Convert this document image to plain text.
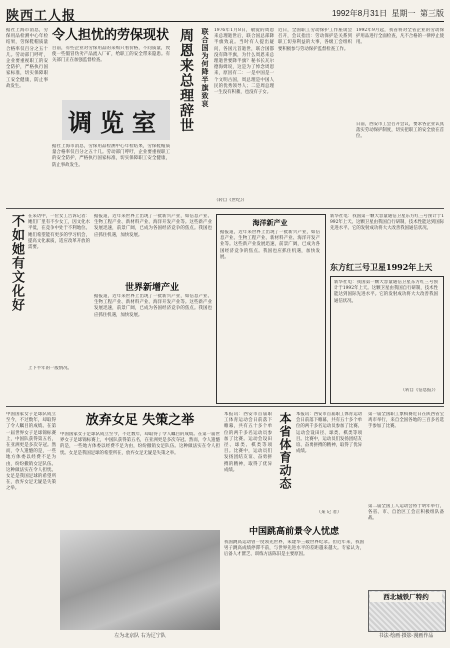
陕西工人报	1992年8月31日 星期一 第三版
据社上海市消息，劳保用品检测中心年检结果，劳保鞋帽质量合格率仅百分之五十几。劳动部门呼吁，企业要重视职工的安全防护，严格执行国家标准，切实保障职工安全健康，防止事故发生。
令人担忧的劳保现状
目前，有些企业对劳保用品的采购只看价格，不问质量，致使一些假冒伪劣产品流入厂矿，给职工的安全带来隐患。有关部门正在加强监督检查。
调览室
据社上海市消息，劳保用品检测中心年检结果，劳保鞋帽质量合格率仅百分之五十几。劳动部门呼吁，企业要重视职工的安全防护，严格执行国家标准，切实保障职工安全健康，防止事故发生。
周恩来总理辞世	联合国为何降半旗致哀 1976年1月8日，敬爱的周恩来总理逝世后，联合国总部降半旗致哀。当时有人提出疑问，各国元首逝世，联合国都没有降半旗，为什么周恩来总理逝世要降半旗？秘书长瓦尔德海姆说，这是为了悼念周恩来，原因有二：一是中国是一个文明古国，周总理是中国人民的优秀领导人；二是周总理一生没有积蓄，也没有子女。
（转自《世纪》）
近日，全国职工劳动保护工作座谈会召开，会议指出：劳动保护是关系到职工切身利益的大事，各级工会组织要积极参与劳动保护监督检查工作。
1992年9月起，我省将对全省企业的劳动保护用品进行全面检查，凡不合格的一律停止使用。
日前，西安市工会召开会议，要求各企业认真落实劳动保护制度，切实把职工的安全放在首位。
不如她有文化好 在采访中，一位女工告诉记者：她们厂里有不少女工，因文化水平低，在竞争中处于不利地位。她们希望能有更多的学习机会，提高文化素质，适应改革开放的需要。
上下半年的一般情况。
据报道，近年来世界上出现了一批新兴产业，如信息产业、生物工程产业、新材料产业、海洋开发产业等。这些新产业发展迅速，前景广阔，已成为各国经济竞争的焦点。我国也应抓住机遇，加快发展。
世界新增产业
据报道，近年来世界上出现了一批新兴产业，如信息产业、生物工程产业、新材料产业、海洋开发产业等。这些新产业发展迅速，前景广阔，已成为各国经济竞争的焦点。我国也应抓住机遇，加快发展。
海洋新产业
据报道，近年来世界上出现了一批新兴产业，如信息产业、生物工程产业、新材料产业、海洋开发产业等。这些新产业发展迅速，前景广阔，已成为各国经济竞争的焦点。我国也应抓住机遇，加快发展。
新华社电：我国第一颗大容量通信卫星东方红三号预计于1992年上天。这颗卫星由我国自行研制，技术性能达到国际先进水平。它的发射成功将大大改善我国通信状况。
东方红三号卫星1992年上天
新华社电：我国第一颗大容量通信卫星东方红三号预计于1992年上天。这颗卫星由我国自行研制，技术性能达到国际先进水平。它的发射成功将大大改善我国通信状况。
（转自《信息报》）
中国国家女子足球队成立至今，不过数年，却取得了令人瞩目的成绩。在第一届世界女子足球锦标赛上，中国队获得第五名，在亚洲更是多次夺冠。然而，令人遗憾的是，一些地方体委以经费不足为由，纷纷撤销女足队伍。这种做法实在令人担忧。女足是我国足球的希望所在，放弃女足无疑是失策之举。
放弃女足 失策之举
中国国家女子足球队成立至今，不过数年，却取得了令人瞩目的成绩。在第一届世界女子足球锦标赛上，中国队获得第五名，在亚洲更是多次夺冠。然而，令人遗憾的是，一些地方体委以经费不足为由，纷纷撤销女足队伍。这种做法实在令人担忧。女足是我国足球的希望所在，放弃女足无疑是失策之举。
左为北京队 右为辽宁队
本报讯：西安市首届职工体育运动会日前落下帷幕，共有五十多个单位的两千多名运动员参加了比赛。运动会设田径、球类、棋类等项目。比赛中，运动员们发扬团结友谊、奋勇拼搏的精神，取得了优异成绩。	本省体育动态 本报讯：西安市首届职工体育运动会日前落下帷幕，共有五十多个单位的两千多名运动员参加了比赛。运动会设田径、球类、棋类等项目。比赛中，运动员们发扬团结友谊、奋勇拼搏的精神，取得了优异成绩。
（某 记 者）
中国跳高前景令人忧虑
我国跳高运动曾一度领先世界，朱建华三破世界纪录。但近年来，我国男子跳高成绩停滞不前，与世界先进水平的差距越来越大。专家认为，后备人才匮乏、训练方法陈旧是主要原因。
第一届全国职工象棋赛近日在陕西省宝鸡市举行，来自全国各地的三百多名选手参加了比赛。
第二届全国工人运动会将于明年举行，各省、市、自治区工会正积极组队备战。
西北城铁厂特约
书法·绘画·摄影·漫画作品
